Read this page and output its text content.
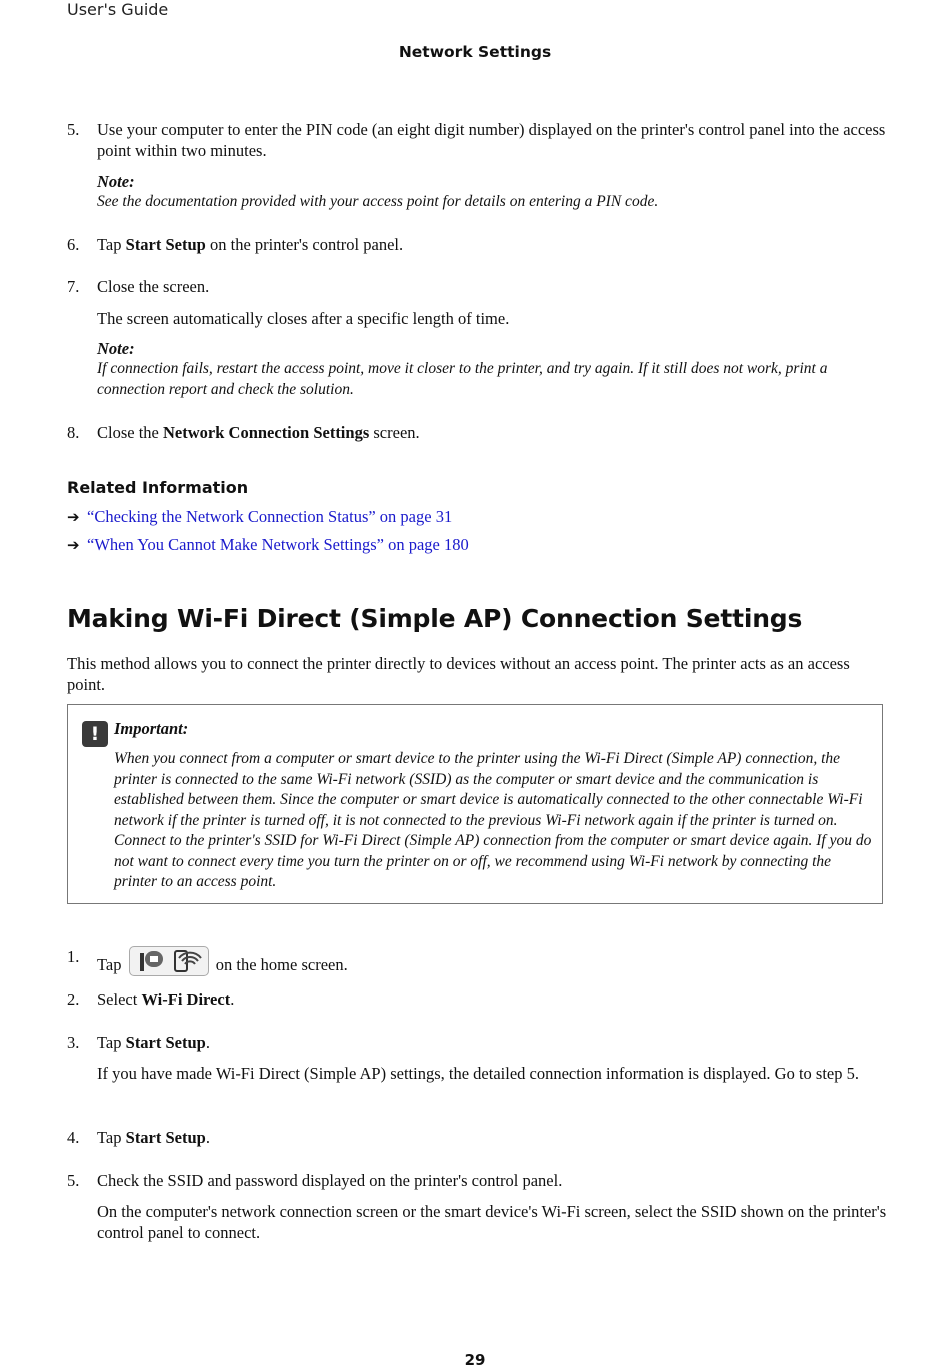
User's Guide
Network Settings
5.	Use your computer to enter the PIN code (an eight digit number) displayed on the printer's control panel into the access point within two minutes.
Note:
See the documentation provided with your access point for details on entering a PIN code.
6.	Tap Start Setup on the printer's control panel.
7.	Close the screen.
The screen automatically closes after a specific length of time.
Note:
If connection fails, restart the access point, move it closer to the printer, and try again. If it still does not work, print a connection report and check the solution.
8.	Close the Network Connection Settings screen.
Related Information
➔ “Checking the Network Connection Status” on page 31
➔ “When You Cannot Make Network Settings” on page 180
Making Wi-Fi Direct (Simple AP) Connection Settings
This method allows you to connect the printer directly to devices without an access point. The printer acts as an access point.
! Important:
When you connect from a computer or smart device to the printer using the Wi-Fi Direct (Simple AP) connection, the printer is connected to the same Wi-Fi network (SSID) as the computer or smart device and the communication is established between them. Since the computer or smart device is automatically connected to the other connectable Wi-Fi network if the printer is turned off, it is not connected to the previous Wi-Fi network again if the printer is turned on. Connect to the printer's SSID for Wi-Fi Direct (Simple AP) connection from the computer or smart device again. If you do not want to connect every time you turn the printer on or off, we recommend using Wi-Fi network by connecting the printer to an access point.
1.	Tap	on the home screen.
2.	Select Wi-Fi Direct.
3.	Tap Start Setup.
If you have made Wi-Fi Direct (Simple AP) settings, the detailed connection information is displayed. Go to step 5.
4.	Tap Start Setup.
5.	Check the SSID and password displayed on the printer's control panel.
On the computer's network connection screen or the smart device's Wi-Fi screen, select the SSID shown on the printer's control panel to connect.
29
